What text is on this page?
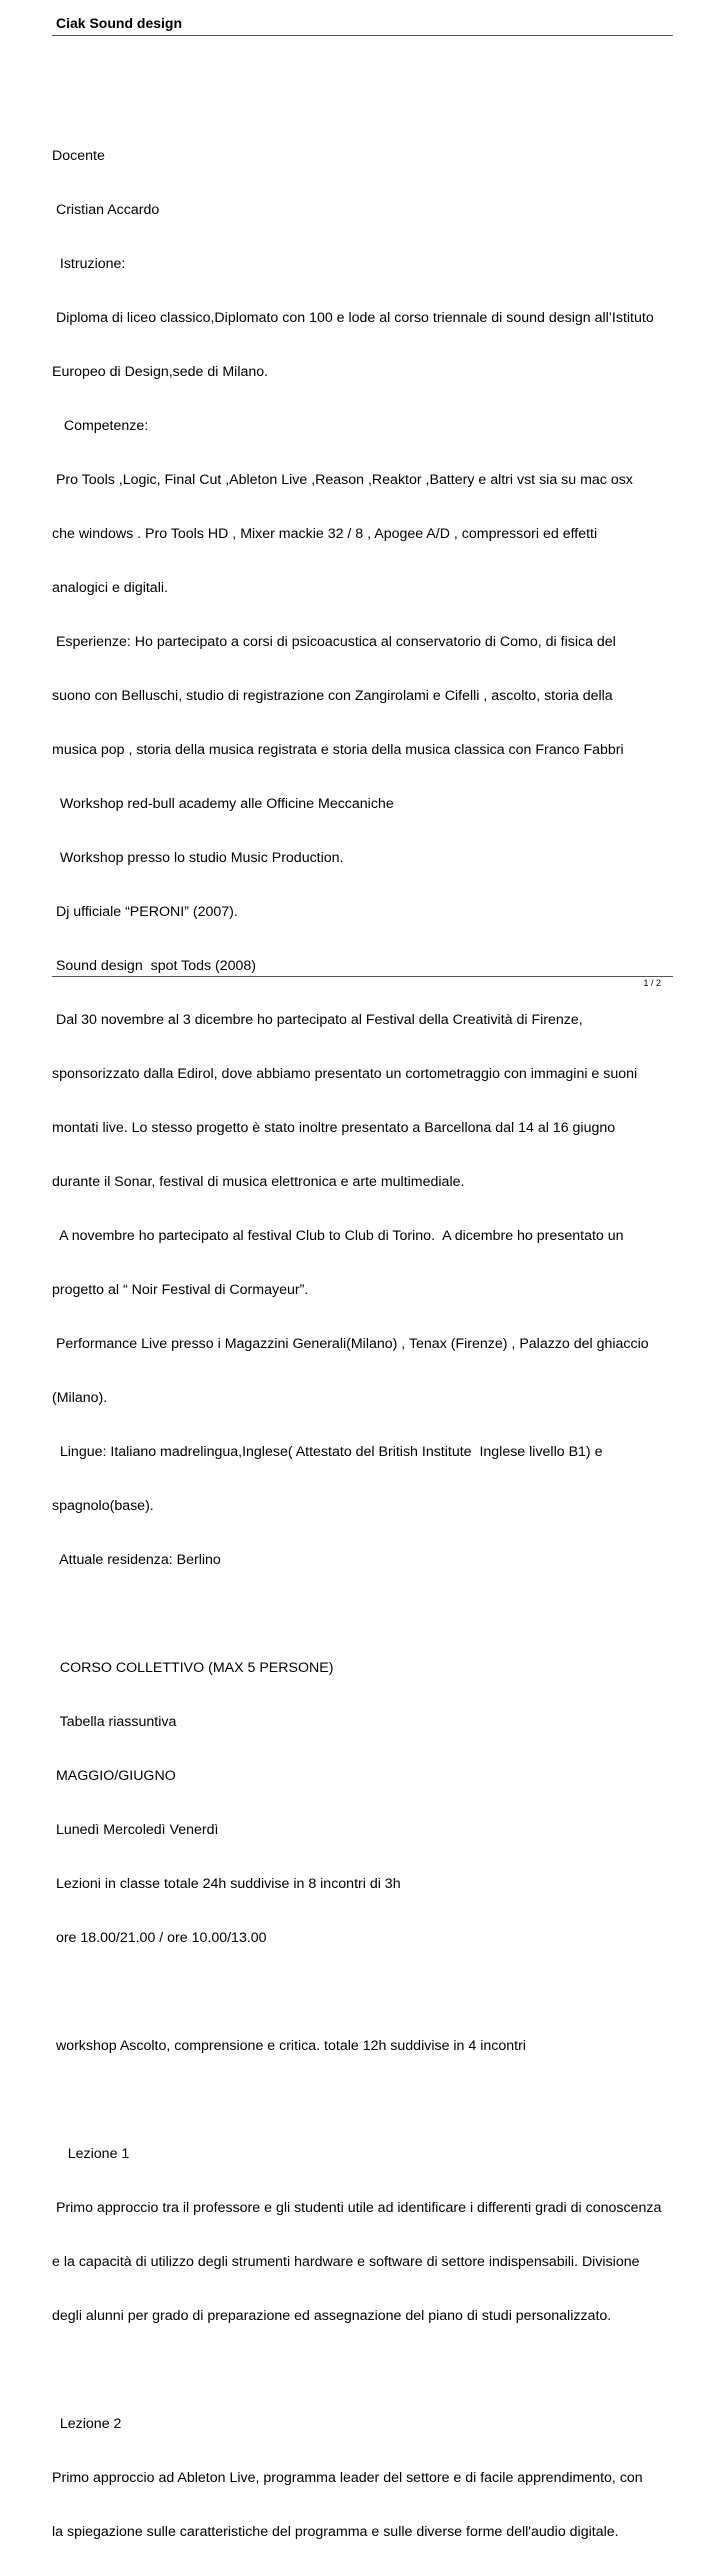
Ciak Sound design

Docente

Cristian Accardo

Istruzione:

Diploma di liceo classico,Diplomato con 100 e lode al corso triennale di sound design all’Istituto

Europeo di Design,sede di Milano.

Competenze:

Pro Tools ,Logic, Final Cut ,Ableton Live ,Reason ,Reaktor ,Battery e altri vst sia su mac osx

che windows . Pro Tools HD , Mixer mackie 32 / 8 , Apogee A/D , compressori ed effetti

analogici e digitali.

Esperienze: Ho partecipato a corsi di psicoacustica al conservatorio di Como, di fisica del

suono con Belluschi, studio di registrazione con Zangirolami e Cifelli , ascolto, storia della

musica pop , storia della musica registrata e storia della musica classica con Franco Fabbri

Workshop red-bull academy alle Officine Meccaniche

Workshop presso lo studio Music Production.

Dj ufficiale “PERONI” (2007).

Sound design  spot Tods (2008)

Dal 30 novembre al 3 dicembre ho partecipato al Festival della Creatività di Firenze,

sponsorizzato dalla Edirol, dove abbiamo presentato un cortometraggio con immagini e suoni

montati live. Lo stesso progetto è stato inoltre presentato a Barcellona dal 14 al 16 giugno

durante il Sonar, festival di musica elettronica e arte multimediale.

A novembre ho partecipato al festival Club to Club di Torino.  A dicembre ho presentato un

progetto al “ Noir Festival di Cormayeur”.

Performance Live presso i Magazzini Generali(Milano) , Tenax (Firenze) , Palazzo del ghiaccio

(Milano).

Lingue: Italiano madrelingua,Inglese( Attestato del British Institute  Inglese livello B1) e

spagnolo(base).

Attuale residenza: Berlino

CORSO COLLETTIVO (MAX 5 PERSONE)

Tabella riassuntiva

MAGGIO/GIUGNO

Lunedì Mercoledì Venerdì

Lezioni in classe totale 24h suddivise in 8 incontri di 3h

ore 18.00/21.00 / ore 10.00/13.00

workshop Ascolto, comprensione e critica. totale 12h suddivise in 4 incontri

Lezione 1

Primo approccio tra il professore e gli studenti utile ad identificare i differenti gradi di conoscenza

e la capacità di utilizzo degli strumenti hardware e software di settore indispensabili. Divisione

degli alunni per grado di preparazione ed assegnazione del piano di studi personalizzato.

Lezione 2

Primo approccio ad Ableton Live, programma leader del settore e di facile apprendimento, con

la spiegazione sulle caratteristiche del programma e sulle diverse forme dell'audio digitale.

1 / 2
